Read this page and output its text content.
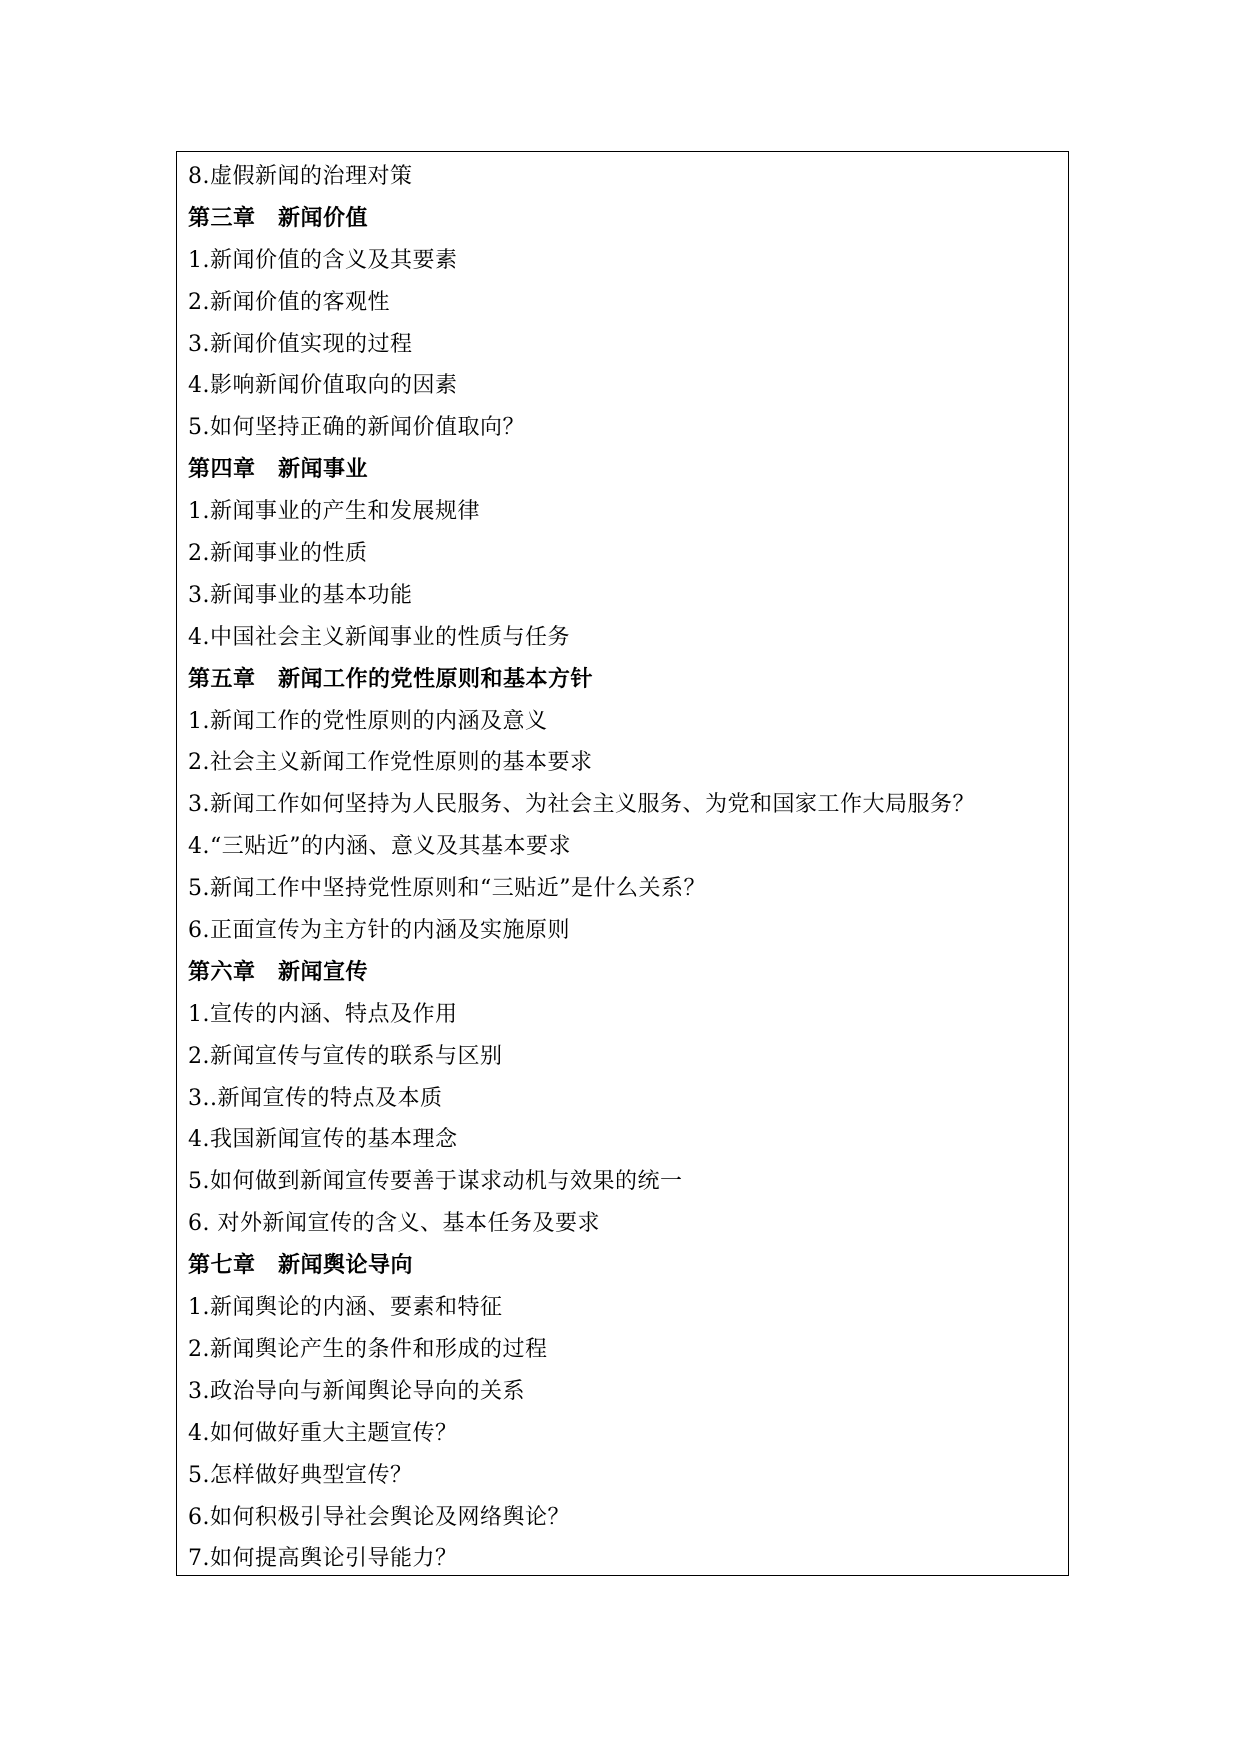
8.虚假新闻的治理对策
第三章　新闻价值
1.新闻价值的含义及其要素
2.新闻价值的客观性
3.新闻价值实现的过程
4.影响新闻价值取向的因素
5.如何坚持正确的新闻价值取向？
第四章　新闻事业
1.新闻事业的产生和发展规律
2.新闻事业的性质
3.新闻事业的基本功能
4.中国社会主义新闻事业的性质与任务
第五章　新闻工作的党性原则和基本方针
1.新闻工作的党性原则的内涵及意义
2.社会主义新闻工作党性原则的基本要求
3.新闻工作如何坚持为人民服务、为社会主义服务、为党和国家工作大局服务？
4.“三贴近”的内涵、意义及其基本要求
5.新闻工作中坚持党性原则和“三贴近”是什么关系？
6.正面宣传为主方针的内涵及实施原则
第六章　新闻宣传
1.宣传的内涵、特点及作用
2.新闻宣传与宣传的联系与区别
3..新闻宣传的特点及本质
4.我国新闻宣传的基本理念
5.如何做到新闻宣传要善于谋求动机与效果的统一
6. 对外新闻宣传的含义、基本任务及要求
第七章　新闻舆论导向
1.新闻舆论的内涵、要素和特征
2.新闻舆论产生的条件和形成的过程
3.政治导向与新闻舆论导向的关系
4.如何做好重大主题宣传？
5.怎样做好典型宣传？
6.如何积极引导社会舆论及网络舆论？
7.如何提高舆论引导能力？
